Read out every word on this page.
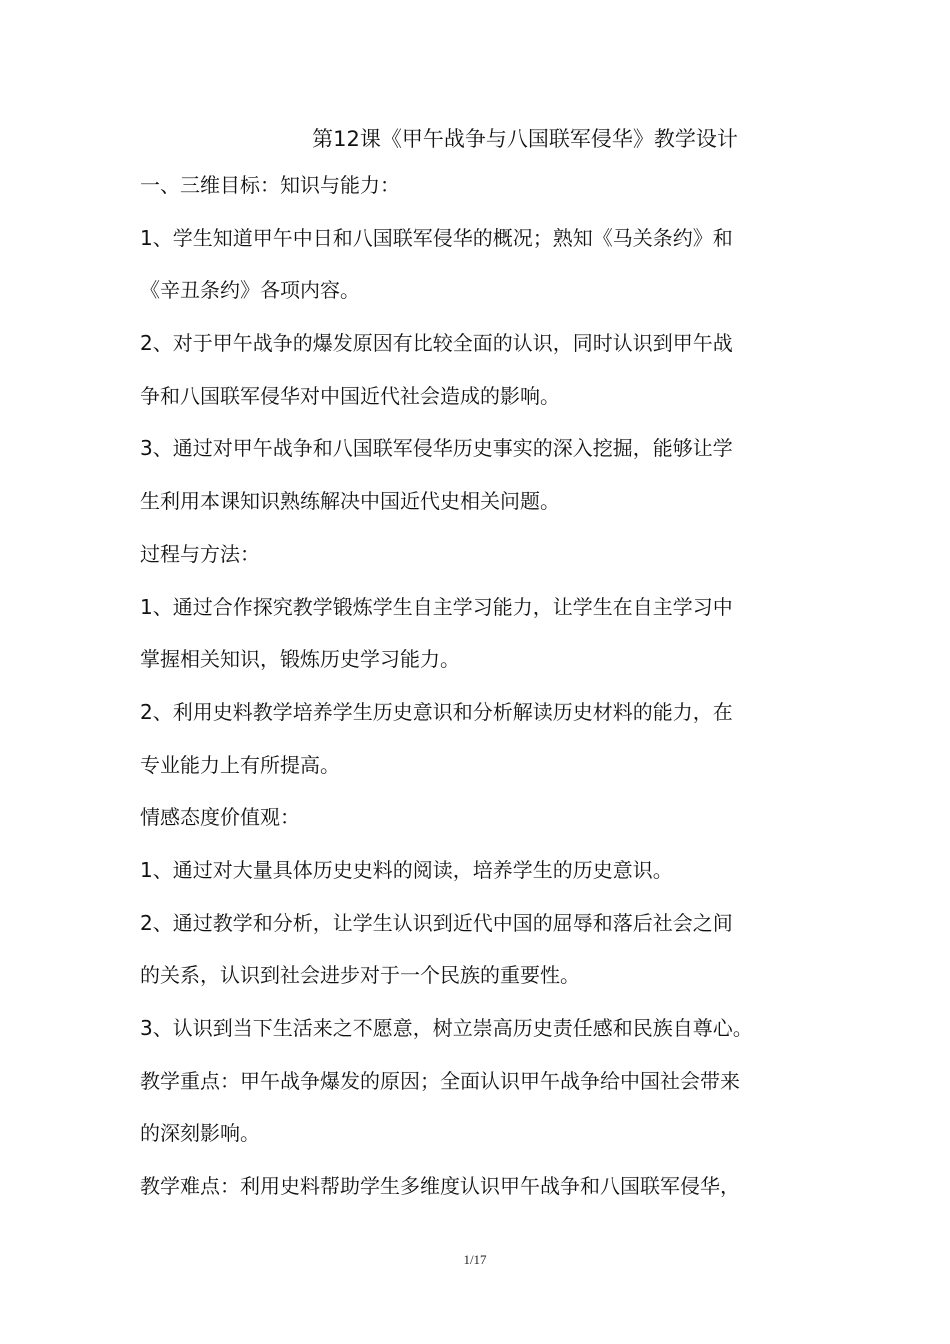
第12课《甲午战争与八国联军侵华》教学设计
一、三维目标：知识与能力：
1、学生知道甲午中日和八国联军侵华的概况；熟知《马关条约》和
《辛丑条约》各项内容。
2、对于甲午战争的爆发原因有比较全面的认识，同时认识到甲午战
争和八国联军侵华对中国近代社会造成的影响。
3、通过对甲午战争和八国联军侵华历史事实的深入挖掘，能够让学
生利用本课知识熟练解决中国近代史相关问题。
过程与方法：
1、通过合作探究教学锻炼学生自主学习能力，让学生在自主学习中
掌握相关知识，锻炼历史学习能力。
2、利用史料教学培养学生历史意识和分析解读历史材料的能力，在
专业能力上有所提高。
情感态度价值观：
1、通过对大量具体历史史料的阅读，培养学生的历史意识。
2、通过教学和分析，让学生认识到近代中国的屈辱和落后社会之间
的关系，认识到社会进步对于一个民族的重要性。
3、认识到当下生活来之不愿意，树立崇高历史责任感和民族自尊心。
教学重点：甲午战争爆发的原因；全面认识甲午战争给中国社会带来
的深刻影响。
教学难点：利用史料帮助学生多维度认识甲午战争和八国联军侵华，
1/17
